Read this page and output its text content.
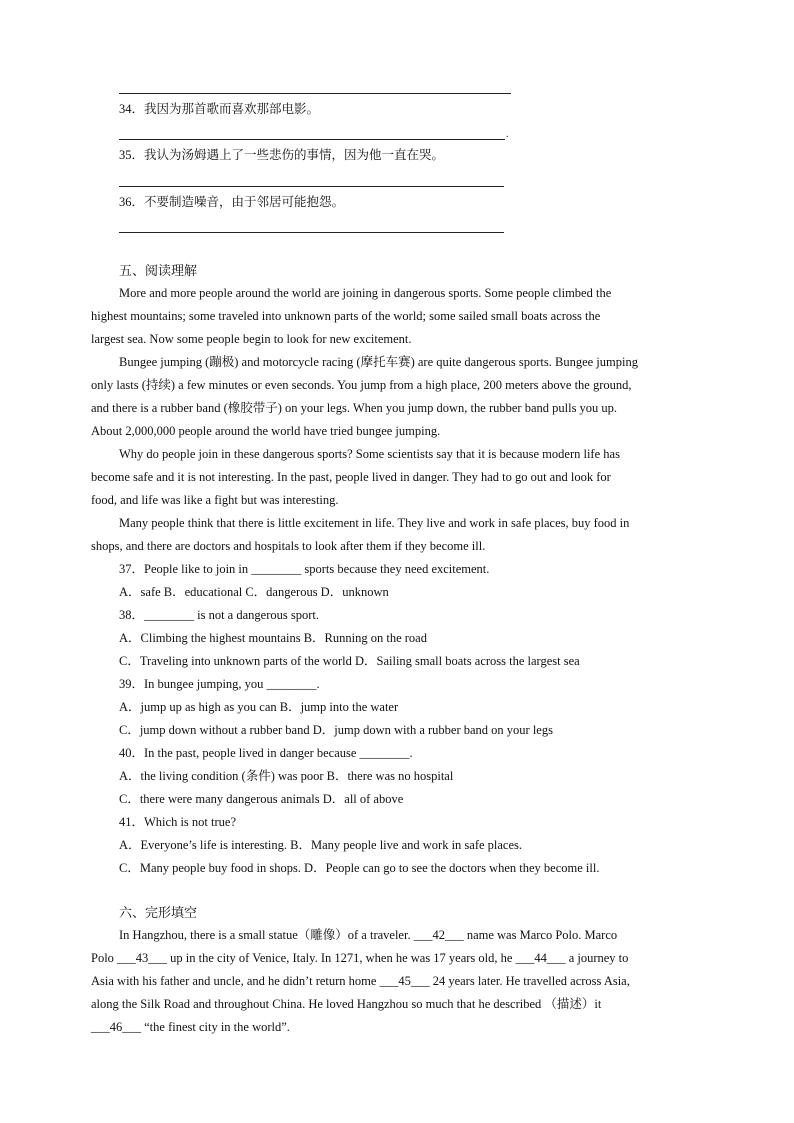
34．我因为那首歌而喜欢那部电影。
.
35．我认为汤姆遇上了一些悲伤的事情，因为他一直在哭。
36．不要制造噪音，由于邻居可能抱怨。
五、阅读理解
More and more people around the world are joining in dangerous sports. Some people climbed the
highest mountains; some traveled into unknown parts of the world; some sailed small boats across the
largest sea. Now some people begin to look for new excitement.
Bungee jumping (蹦极) and motorcycle racing (摩托车赛) are quite dangerous sports. Bungee jumping
only lasts (持续) a few minutes or even seconds. You jump from a high place, 200 meters above the ground,
and there is a rubber band (橡胶带子) on your legs. When you jump down, the rubber band pulls you up.
About 2,000,000 people around the world have tried bungee jumping.
Why do people join in these dangerous sports? Some scientists say that it is because modern life has
become safe and it is not interesting. In the past, people lived in danger. They had to go out and look for
food, and life was like a fight but was interesting.
Many people think that there is little excitement in life. They live and work in safe places, buy food in
shops, and there are doctors and hospitals to look after them if they become ill.
37．People like to join in ________ sports because they need excitement.
A．safe B．educational C．dangerous D．unknown
38．________ is not a dangerous sport.
A．Climbing the highest mountains B．Running on the road
C．Traveling into unknown parts of the world D．Sailing small boats across the largest sea
39．In bungee jumping, you ________.
A．jump up as high as you can B．jump into the water
C．jump down without a rubber band D．jump down with a rubber band on your legs
40．In the past, people lived in danger because ________.
A．the living condition (条件) was poor B．there was no hospital
C．there were many dangerous animals D．all of above
41．Which is not true?
A．Everyone’s life is interesting. B．Many people live and work in safe places.
C．Many people buy food in shops. D．People can go to see the doctors when they become ill.
六、完形填空
In Hangzhou, there is a small statue（雕像）of a traveler. ___42___ name was Marco Polo. Marco
Polo ___43___ up in the city of Venice, Italy. In 1271, when he was 17 years old, he ___44___ a journey to
Asia with his father and uncle, and he didn’t return home ___45___ 24 years later. He travelled across Asia,
along the Silk Road and throughout China. He loved Hangzhou so much that he described （描述）it
___46___ “the finest city in the world”.
